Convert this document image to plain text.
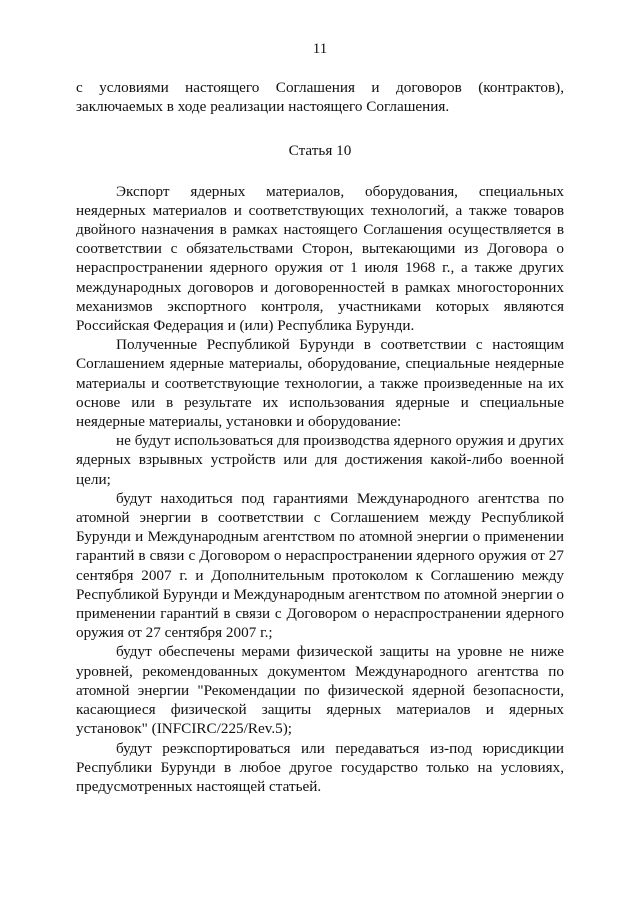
11

с условиями настоящего Соглашения и договоров (контрактов), заключаемых в ходе реализации настоящего Соглашения.

Статья 10

Экспорт ядерных материалов, оборудования, специальных неядерных материалов и соответствующих технологий, а также товаров двойного назначения в рамках настоящего Соглашения осуществляется в соответствии с обязательствами Сторон, вытекающими из Договора о нераспространении ядерного оружия от 1 июля 1968 г., а также других международных договоров и договоренностей в рамках многосторонних механизмов экспортного контроля, участниками которых являются Российская Федерация и (или) Республика Бурунди.

Полученные Республикой Бурунди в соответствии с настоящим Соглашением ядерные материалы, оборудование, специальные неядерные материалы и соответствующие технологии, а также произведенные на их основе или в результате их использования ядерные и специальные неядерные материалы, установки и оборудование:

не будут использоваться для производства ядерного оружия и других ядерных взрывных устройств или для достижения какой-либо военной цели;

будут находиться под гарантиями Международного агентства по атомной энергии в соответствии с Соглашением между Республикой Бурунди и Международным агентством по атомной энергии о применении гарантий в связи с Договором о нераспространении ядерного оружия от 27 сентября 2007 г. и Дополнительным протоколом к Соглашению между Республикой Бурунди и Международным агентством по атомной энергии о применении гарантий в связи с Договором о нераспространении ядерного оружия от 27 сентября 2007 г.;

будут обеспечены мерами физической защиты на уровне не ниже уровней, рекомендованных документом Международного агентства по атомной энергии "Рекомендации по физической ядерной безопасности, касающиеся физической защиты ядерных материалов и ядерных установок" (INFCIRC/225/Rev.5);

будут реэкспортироваться или передаваться из-под юрисдикции Республики Бурунди в любое другое государство только на условиях, предусмотренных настоящей статьей.
